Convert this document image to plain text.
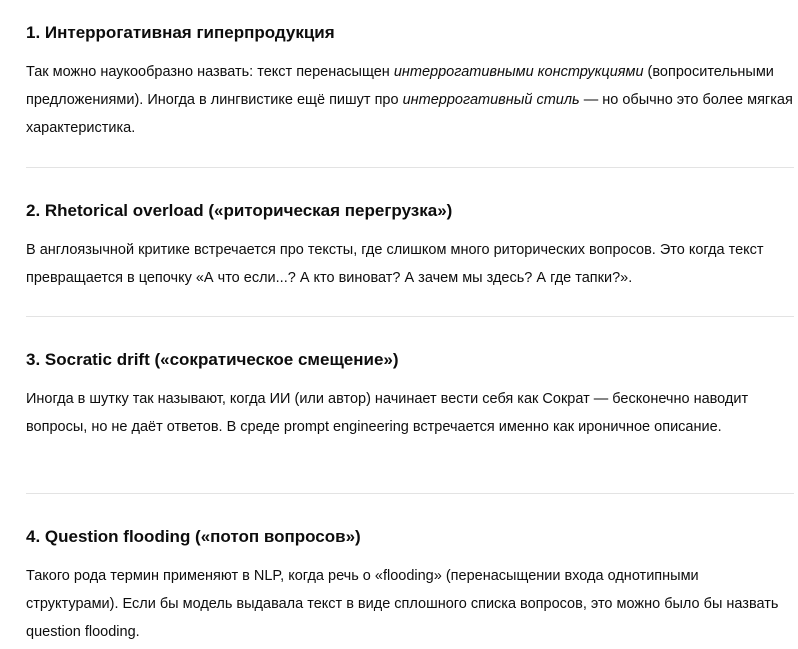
1. Интеррогативная гиперпродукция

Так можно наукообразно назвать: текст перенасыщен интеррогативными конструкциями (вопросительными предложениями). Иногда в лингвистике ещё пишут про интеррогативный стиль — но обычно это более мягкая характеристика.

2. Rhetorical overload («риторическая перегрузка»)

В англоязычной критике встречается про тексты, где слишком много риторических вопросов. Это когда текст превращается в цепочку «А что если...? А кто виноват? А зачем мы здесь? А где тапки?».

3. Socratic drift («сократическое смещение»)

Иногда в шутку так называют, когда ИИ (или автор) начинает вести себя как Сократ — бесконечно наводит вопросы, но не даёт ответов. В среде prompt engineering встречается именно как ироничное описание.

4. Question flooding («потоп вопросов»)

Такого рода термин применяют в NLP, когда речь о «flooding» (перенасыщении входа однотипными структурами). Если бы модель выдавала текст в виде сплошного списка вопросов, это можно было бы назвать question flooding.
